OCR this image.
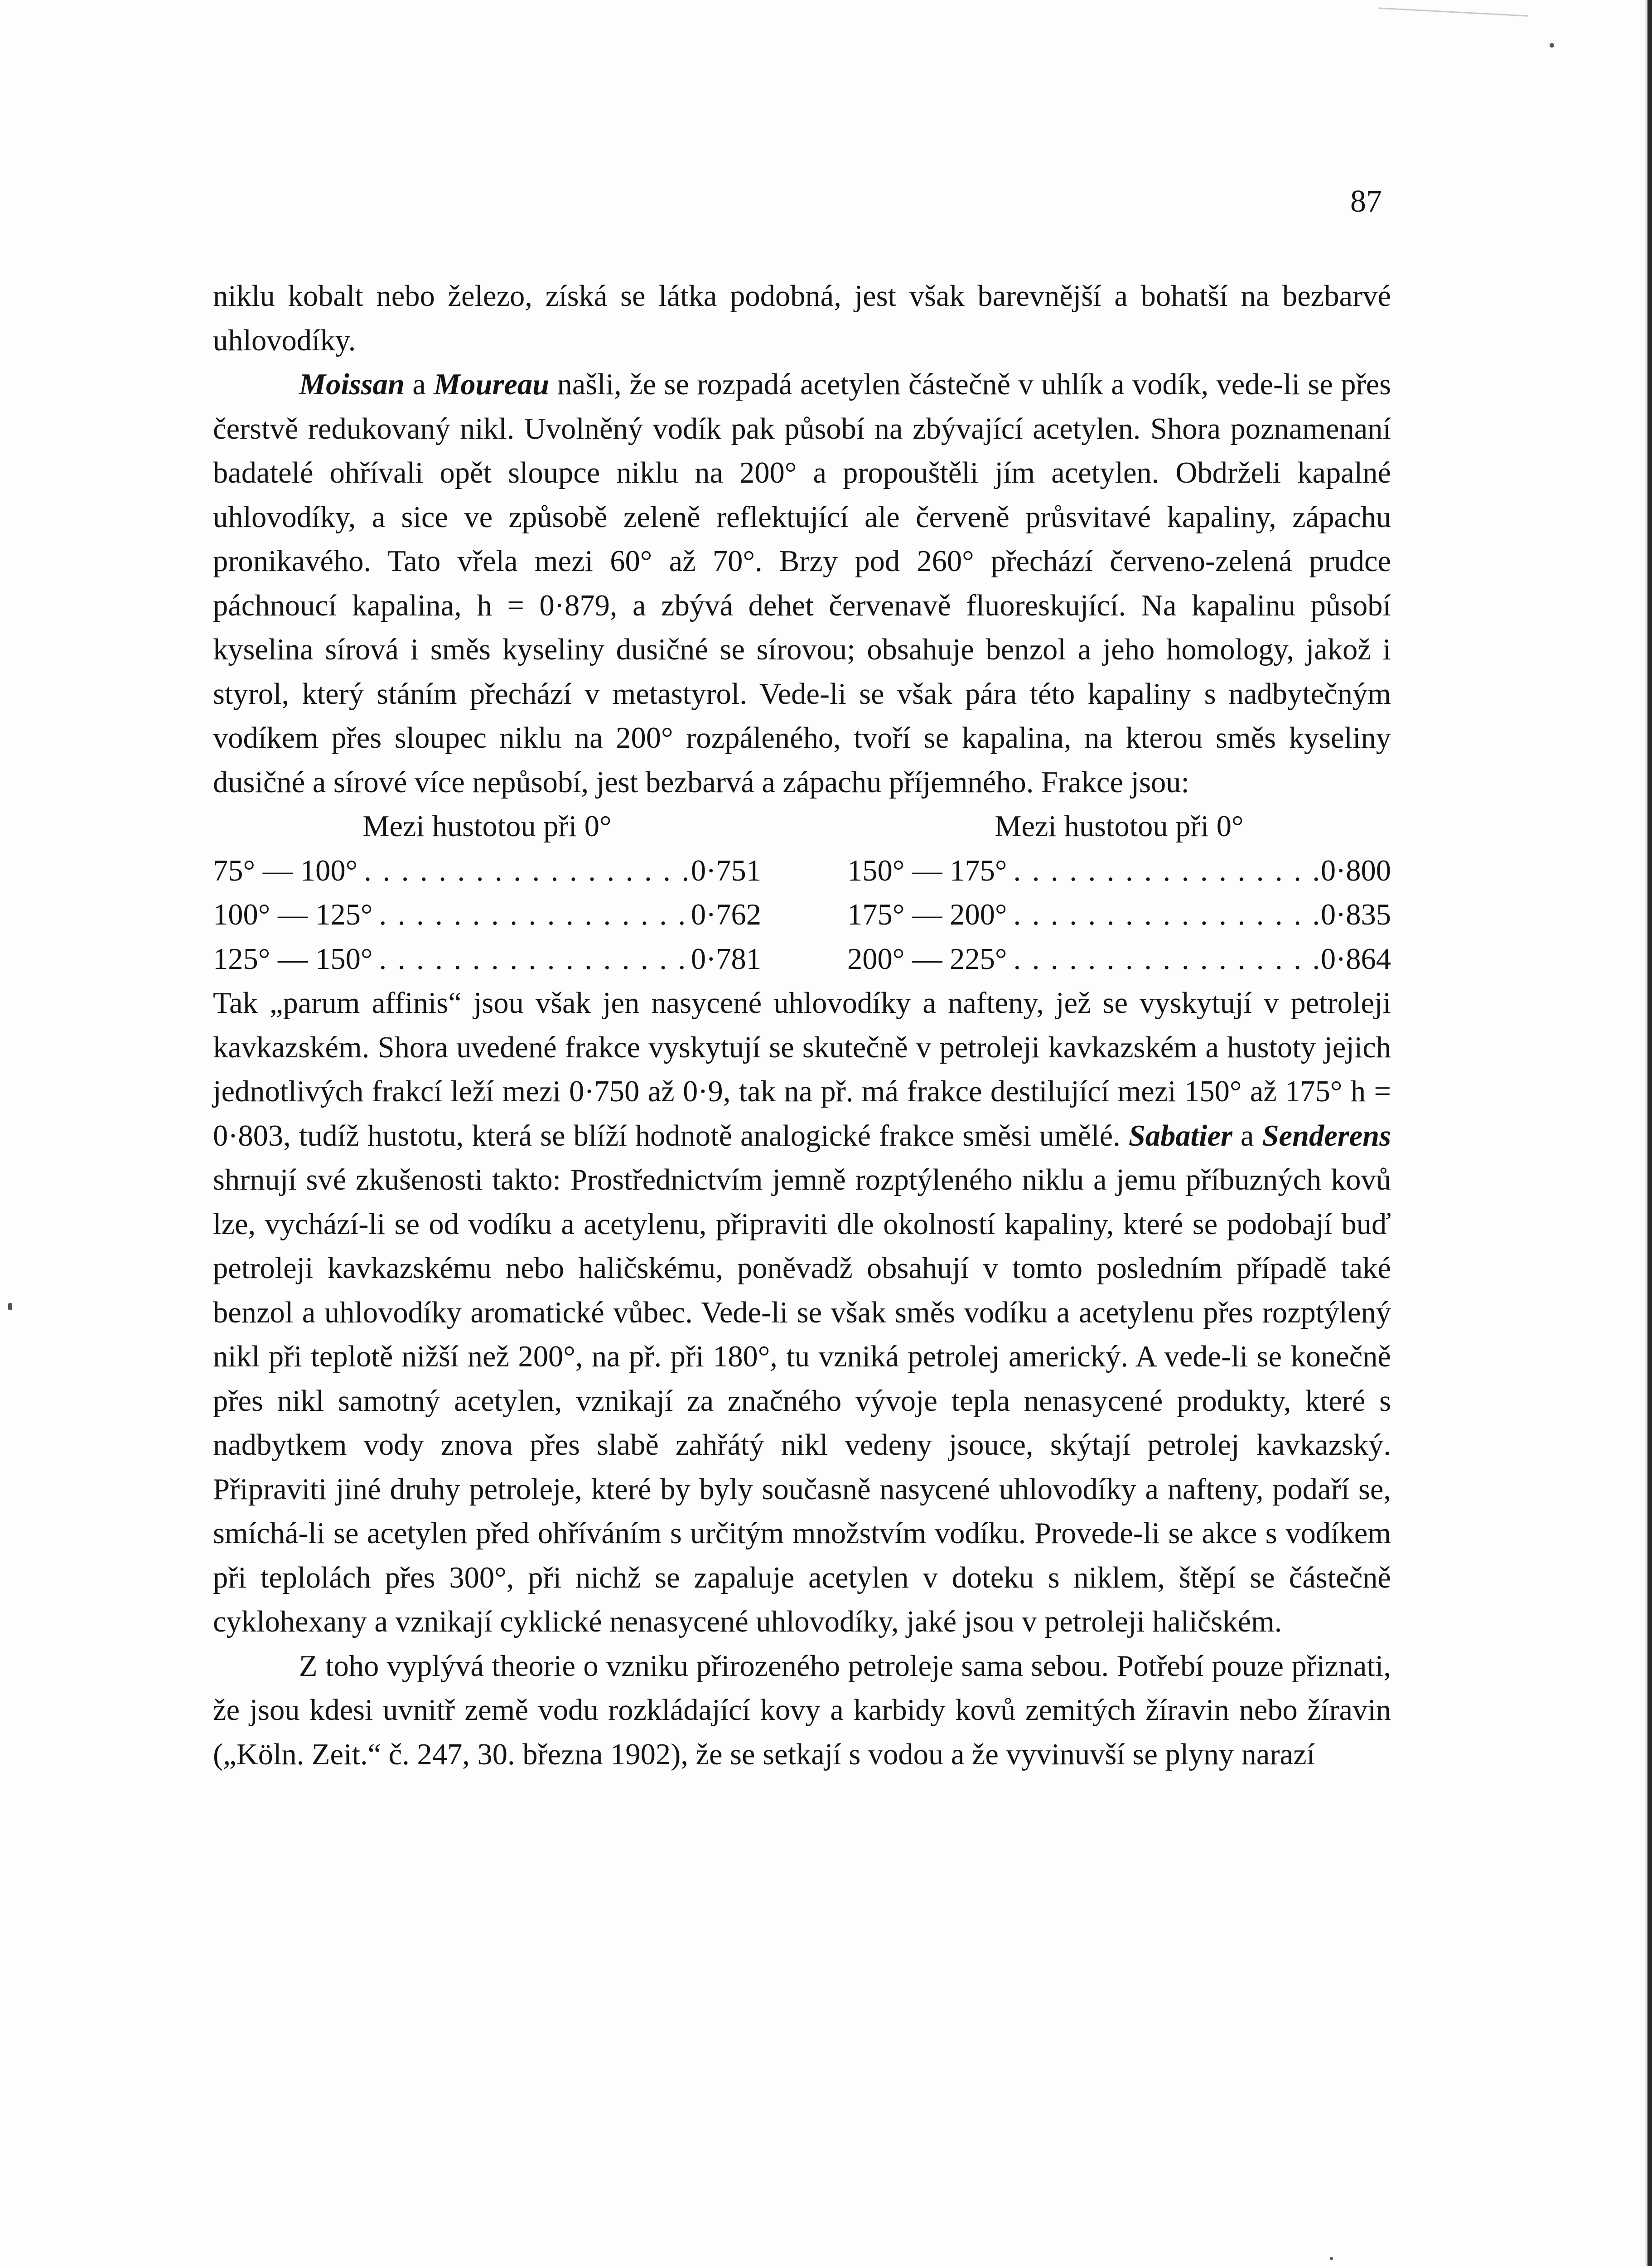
87

niklu kobalt nebo železo, získá se látka podobná, jest však barevnější a bohatší na bezbarvé uhlovodíky.

Moissan a Moureau našli, že se rozpadá acetylen částečně v uhlík a vodík, vede-li se přes čerstvě redukovaný nikl. Uvolněný vodík pak působí na zbývající acetylen. Shora poznamenaní badatelé ohřívali opět sloupce niklu na 200° a propouštěli jím acetylen. Obdrželi kapalné uhlovodíky, a sice ve způsobě zeleně reflektující ale červeně průsvitavé kapaliny, zápachu pronikavého. Tato vřela mezi 60° až 70°. Brzy pod 260° přechází červeno-zelená prudce páchnoucí kapalina, h = 0·879, a zbývá dehet červenavě fluoreskující. Na kapalinu působí kyselina sírová i směs kyseliny dusičné se sírovou; obsahuje benzol a jeho homology, jakož i styrol, který stáním přechází v metastyrol. Vede-li se však pára této kapaliny s nadbytečným vodíkem přes sloupec niklu na 200° rozpáleného, tvoří se kapalina, na kterou směs kyseliny dusičné a sírové více nepůsobí, jest bezbarvá a zápachu příjemného. Frakce jsou:

Mezi hustotou při 0°	Mezi hustotou při 0°
75° — 100° . . .	0·751	150° — 175° . . .	0·800
100° — 125° . . .	0·762	175° — 200° . . .	0·835
125° — 150° . . .	0·781	200° — 225° . . .	0·864

Tak „parum affinis“ jsou však jen nasycené uhlovodíky a nafteny, jež se vyskytují v petroleji kavkazském. Shora uvedené frakce vyskytují se skutečně v petroleji kavkazském a hustoty jejich jednotlivých frakcí leží mezi 0·750 až 0·9, tak na př. má frakce destilující mezi 150° až 175° h = 0·803, tudíž hustotu, která se blíží hodnotě analogické frakce směsi umělé. Sabatier a Senderens shrnují své zkušenosti takto: Prostřednictvím jemně rozptýleného niklu a jemu příbuzných kovů lze, vychází-li se od vodíku a acetylenu, připraviti dle okolností kapaliny, které se podobají buď petroleji kavkazskému nebo haličskému, poněvadž obsahují v tomto posledním případě také benzol a uhlovodíky aromatické vůbec. Vede-li se však směs vodíku a acetylenu přes rozptýlený nikl při teplotě nižší než 200°, na př. při 180°, tu vzniká petrolej americký. A vede-li se konečně přes nikl samotný acetylen, vznikají za značného vývoje tepla nenasycené produkty, které s nadbytkem vody znova přes slabě zahřátý nikl vedeny jsouce, skýtají petrolej kavkazský. Připraviti jiné druhy petroleje, které by byly současně nasycené uhlovodíky a nafteny, podaří se, smíchá-li se acetylen před ohříváním s určitým množstvím vodíku. Provede-li se akce s vodíkem při teplolách přes 300°, při nichž se zapaluje acetylen v doteku s niklem, štěpí se částečně cyklohexany a vznikají cyklické nenasycené uhlovodíky, jaké jsou v petroleji haličském.

Z toho vyplývá theorie o vzniku přirozeného petroleje sama sebou. Potřebí pouze přiznati, že jsou kdesi uvnitř země vodu rozkládající kovy a karbidy kovů zemitých žíravin nebo žíravin („Köln. Zeit.“ č. 247, 30. března 1902), že se setkají s vodou a že vyvinuvší se plyny narazí
